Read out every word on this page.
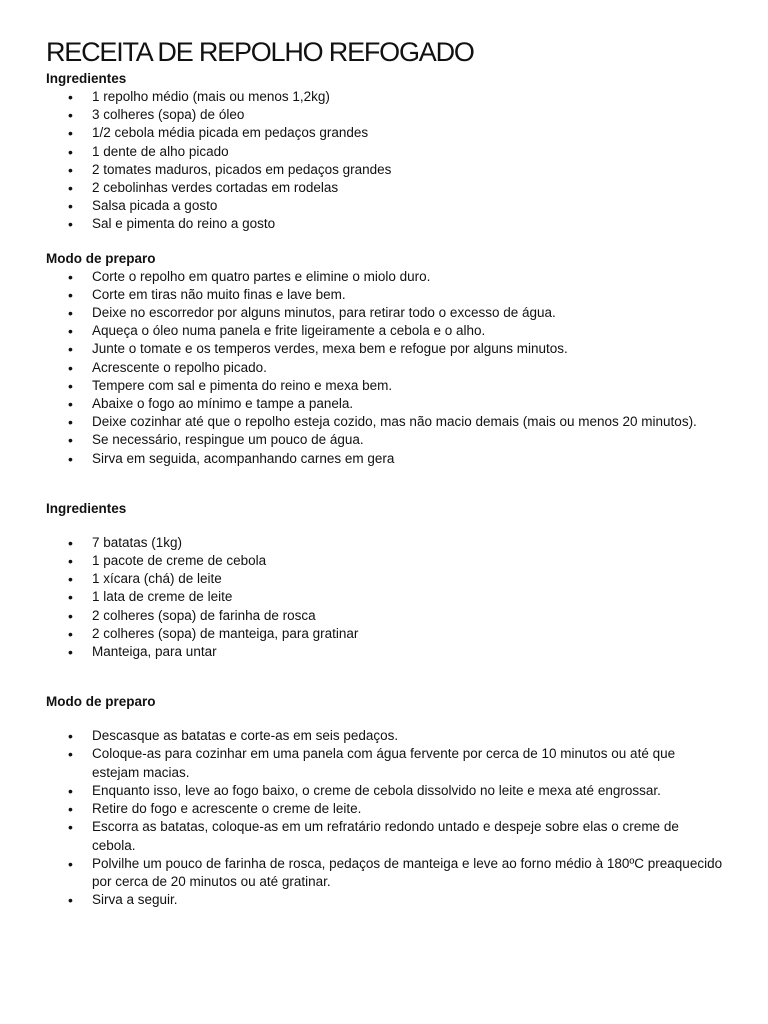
RECEITA DE REPOLHO REFOGADO
Ingredientes
• 1 repolho médio (mais ou menos 1,2kg)
• 3 colheres (sopa) de óleo
• 1/2 cebola média picada em pedaços grandes
• 1 dente de alho picado
• 2 tomates maduros, picados em pedaços grandes
• 2 cebolinhas verdes cortadas em rodelas
• Salsa picada a gosto
• Sal e pimenta do reino a gosto
Modo de preparo
• Corte o repolho em quatro partes e elimine o miolo duro.
• Corte em tiras não muito finas e lave bem.
• Deixe no escorredor por alguns minutos, para retirar todo o excesso de água.
• Aqueça o óleo numa panela e frite ligeiramente a cebola e o alho.
• Junte o tomate e os temperos verdes, mexa bem e refogue por alguns minutos.
• Acrescente o repolho picado.
• Tempere com sal e pimenta do reino e mexa bem.
• Abaixe o fogo ao mínimo e tampe a panela.
• Deixe cozinhar até que o repolho esteja cozido, mas não macio demais (mais ou menos 20 minutos).
• Se necessário, respingue um pouco de água.
• Sirva em seguida, acompanhando carnes em gera
Ingredientes
• 7 batatas (1kg)
• 1 pacote de creme de cebola
• 1 xícara (chá) de leite
• 1 lata de creme de leite
• 2 colheres (sopa) de farinha de rosca
• 2 colheres (sopa) de manteiga, para gratinar
• Manteiga, para untar
Modo de preparo
• Descasque as batatas e corte-as em seis pedaços.
• Coloque-as para cozinhar em uma panela com água fervente por cerca de 10 minutos ou até que estejam macias.
• Enquanto isso, leve ao fogo baixo, o creme de cebola dissolvido no leite e mexa até engrossar.
• Retire do fogo e acrescente o creme de leite.
• Escorra as batatas, coloque-as em um refratário redondo untado e despeje sobre elas o creme de cebola.
• Polvilhe um pouco de farinha de rosca, pedaços de manteiga e leve ao forno médio à 180ºC preaquecido por cerca de 20 minutos ou até gratinar.
• Sirva a seguir.
